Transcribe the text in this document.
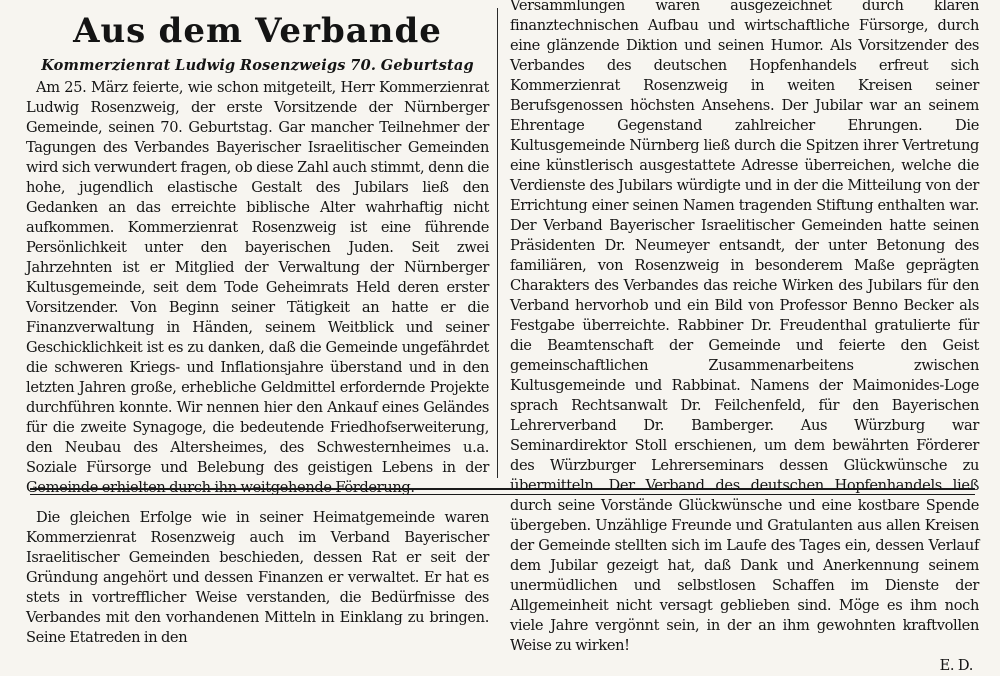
Aus dem Verbande
Kommerzienrat Ludwig Rosenzweigs 70. Geburtstag

Am 25. März feierte, wie schon mitgeteilt, Herr Kommerzienrat Ludwig Rosenzweig, der erste Vorsitzende der Nürnberger Gemeinde, seinen 70. Geburtstag. Gar mancher Teilnehmer der Tagungen des Verbandes Bayerischer Israelitischer Gemeinden wird sich verwundert fragen, ob diese Zahl auch stimmt, denn die hohe, jugendlich elastische Gestalt des Jubilars ließ den Gedanken an das erreichte biblische Alter wahrhaftig nicht aufkommen. Kommerzienrat Rosenzweig ist eine führende Persönlichkeit unter den bayerischen Juden. Seit zwei Jahrzehnten ist er Mitglied der Verwaltung der Nürnberger Kultusgemeinde, seit dem Tode Geheimrats Held deren erster Vorsitzender. Von Beginn seiner Tätigkeit an hatte er die Finanzverwaltung in Händen, seinem Weitblick und seiner Geschicklichkeit ist es zu danken, daß die Gemeinde ungefährdet die schweren Kriegs- und Inflationsjahre überstand und in den letzten Jahren große, erhebliche Geldmittel erfordernde Projekte durchführen konnte. Wir nennen hier den Ankauf eines Geländes für die zweite Synagoge, die bedeutende Friedhofserweiterung, den Neubau des Altersheimes, des Schwesternheimes u.a. Soziale Fürsorge und Belebung des geistigen Lebens in der Gemeinde erhielten durch ihn weitgehende Förderung.

Die gleichen Erfolge wie in seiner Heimatgemeinde waren Kommerzienrat Rosenzweig auch im Verband Bayerischer Israelitischer Gemeinden beschieden, dessen Rat er seit der Gründung angehört und dessen Finanzen er verwaltet. Er hat es stets in vortrefflicher Weise verstanden, die Bedürfnisse des Verbandes mit den vorhandenen Mitteln in Einklang zu bringen. Seine Etatreden in den

Versammlungen waren ausgezeichnet durch klaren finanztechnischen Aufbau und wirtschaftliche Fürsorge, durch eine glänzende Diktion und seinen Humor. Als Vorsitzender des Verbandes des deutschen Hopfenhandels erfreut sich Kommerzienrat Rosenzweig in weiten Kreisen seiner Berufsgenossen höchsten Ansehens. Der Jubilar war an seinem Ehrentage Gegenstand zahlreicher Ehrungen. Die Kultusgemeinde Nürnberg ließ durch die Spitzen ihrer Vertretung eine künstlerisch ausgestattete Adresse überreichen, welche die Verdienste des Jubilars würdigte und in der die Mitteilung von der Errichtung einer seinen Namen tragenden Stiftung enthalten war. Der Verband Bayerischer Israelitischer Gemeinden hatte seinen Präsidenten Dr. Neumeyer entsandt, der unter Betonung des familiären, von Rosenzweig in besonderem Maße geprägten Charakters des Verbandes das reiche Wirken des Jubilars für den Verband hervorhob und ein Bild von Professor Benno Becker als Festgabe überreichte. Rabbiner Dr. Freudenthal gratulierte für die Beamtenschaft der Gemeinde und feierte den Geist gemeinschaftlichen Zusammenarbeitens zwischen Kultusgemeinde und Rabbinat. Namens der Maimonides-Loge sprach Rechtsanwalt Dr. Feilchenfeld, für den Bayerischen Lehrerverband Dr. Bamberger. Aus Würzburg war Seminardirektor Stoll erschienen, um dem bewährten Förderer des Würzburger Lehrerseminars dessen Glückwünsche zu übermitteln. Der Verband des deutschen Hopfenhandels ließ durch seine Vorstände Glückwünsche und eine kostbare Spende übergeben. Unzählige Freunde und Gratulanten aus allen Kreisen der Gemeinde stellten sich im Laufe des Tages ein, dessen Verlauf dem Jubilar gezeigt hat, daß Dank und Anerkennung seinem unermüdlichen und selbstlosen Schaffen im Dienste der Allgemeinheit nicht versagt geblieben sind. Möge es ihm noch viele Jahre vergönnt sein, in der an ihm gewohnten kraftvollen Weise zu wirken!

E. D.
